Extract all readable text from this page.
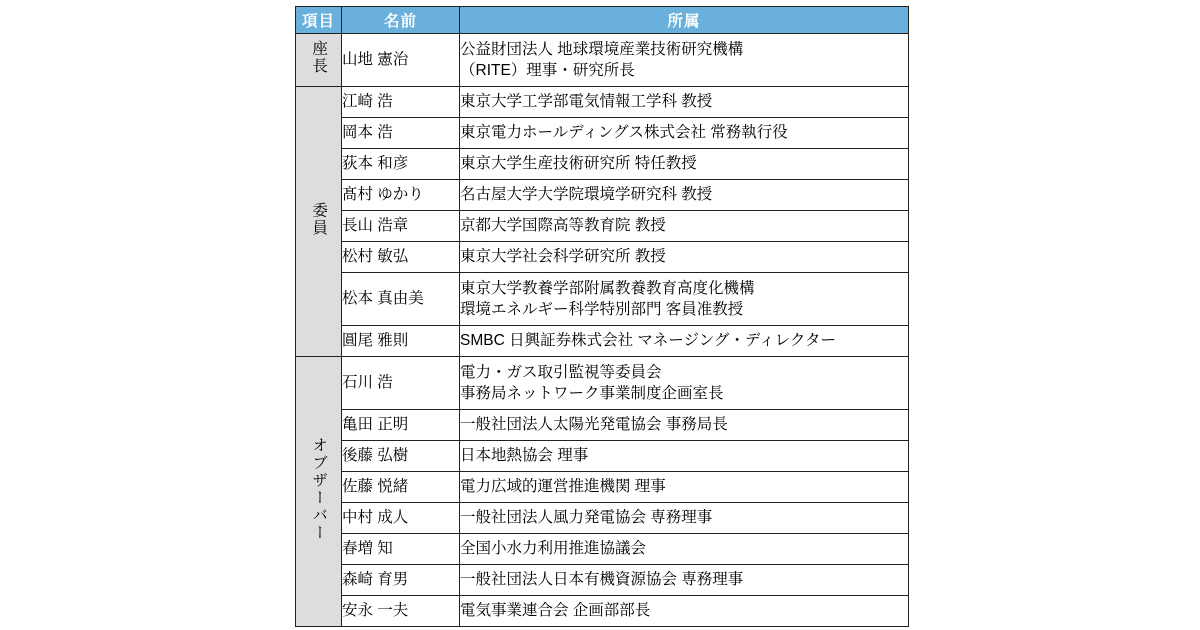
項目	名前	所属
座長	山地 憲治	公益財団法人 地球環境産業技術研究機構
（RITE）理事・研究所長

委員	江崎 浩	東京大学工学部電気情報工学科 教授

	岡本 浩	東京電力ホールディングス株式会社 常務執行役

	荻本 和彦	東京大学生産技術研究所 特任教授

	髙村 ゆかり	名古屋大学大学院環境学研究科 教授

	長山 浩章	京都大学国際高等教育院 教授

	松村 敏弘	東京大学社会科学研究所 教授

	松本 真由美	東京大学教養学部附属教養教育高度化機構
環境エネルギー科学特別部門 客員准教授

	圓尾 雅則	SMBC 日興証券株式会社 マネージング・ディレクター

オブザーバー	石川 浩	電力・ガス取引監視等委員会
事務局ネットワーク事業制度企画室長

	亀田 正明	一般社団法人太陽光発電協会 事務局長

	後藤 弘樹	日本地熱協会 理事

	佐藤 悦緒	電力広域的運営推進機関 理事

	中村 成人	一般社団法人風力発電協会 専務理事

	春増 知	全国小水力利用推進協議会

	森崎 育男	一般社団法人日本有機資源協会 専務理事

	安永 一夫	電気事業連合会 企画部部長
